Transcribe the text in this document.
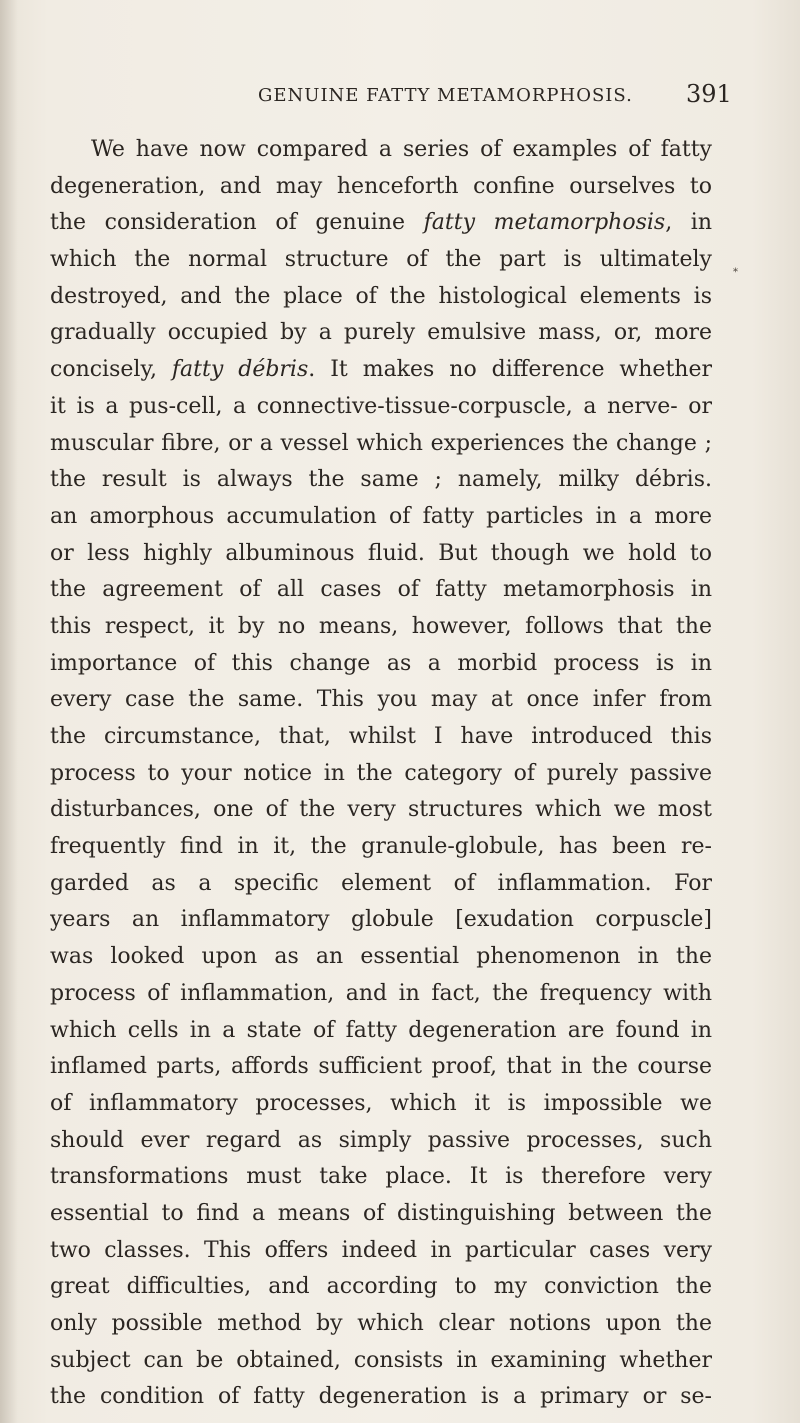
GENUINE FATTY METAMORPHOSIS. 391
*
We have now compared a series of examples of fatty
degeneration, and may henceforth confine ourselves to
the consideration of genuine fatty metamorphosis, in
which the normal structure of the part is ultimately
destroyed, and the place of the histological elements is
gradually occupied by a purely emulsive mass, or, more
concisely, fatty débris. It makes no difference whether
it is a pus-cell, a connective-tissue-corpuscle, a nerve- or
muscular fibre, or a vessel which experiences the change ;
the result is always the same ; namely, milky débris.
an amorphous accumulation of fatty particles in a more
or less highly albuminous fluid. But though we hold to
the agreement of all cases of fatty metamorphosis in
this respect, it by no means, however, follows that the
importance of this change as a morbid process is in
every case the same. This you may at once infer from
the circumstance, that, whilst I have introduced this
process to your notice in the category of purely passive
disturbances, one of the very structures which we most
frequently find in it, the granule-globule, has been re-
garded as a specific element of inflammation. For
years an inflammatory globule [exudation corpuscle]
was looked upon as an essential phenomenon in the
process of inflammation, and in fact, the frequency with
which cells in a state of fatty degeneration are found in
inflamed parts, affords sufficient proof, that in the course
of inflammatory processes, which it is impossible we
should ever regard as simply passive processes, such
transformations must take place. It is therefore very
essential to find a means of distinguishing between the
two classes. This offers indeed in particular cases very
great difficulties, and according to my conviction the
only possible method by which clear notions upon the
subject can be obtained, consists in examining whether
the condition of fatty degeneration is a primary or se-
